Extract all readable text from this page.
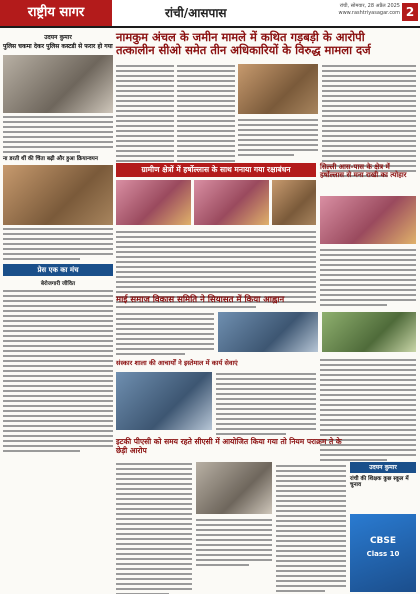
राष्ट्रीय सागर	रांची/आसपास	रांची, सोमवार, 28 अप्रैल 2025
www.rashtriyasagar.com 2
उदयन कुमार
पुलिस चकमा देकर पुलिस कस्टडी से फरार हो गया
ना डरती थीं की चिंता बढ़ी और हुआ क्रियान्वयन
प्रेस एक का मंच
बेरोजगारी जीवित
नामकुम अंचल के जमीन मामले में कथित गड़बड़ी के आरोपी
तत्कालीन सीओ समेत तीन अधिकारियों के विरुद्ध मामला दर्ज
ग्रामीण क्षेत्रों में हर्षोल्लास के साथ मनाया गया रक्षाबंधन	सिल्ली आस-पास के क्षेत्र में हर्षोल्लास से मना राखी का त्योहार
माई समाज विकास समिति ने सियासत में किया आह्वान
संस्कार शाला की आचार्यों ने इस्तेमाल में कार्य सेवाएं
इटकी पीएसी को समय रहते सीएसी में आयोजित किया गया तो नियम पराक्रम ते के छेड़ी आरोप
उदयन कुमार
रांची की शिक्षक कुछ स्कूल में चुनाव
CBSE
Class 10
